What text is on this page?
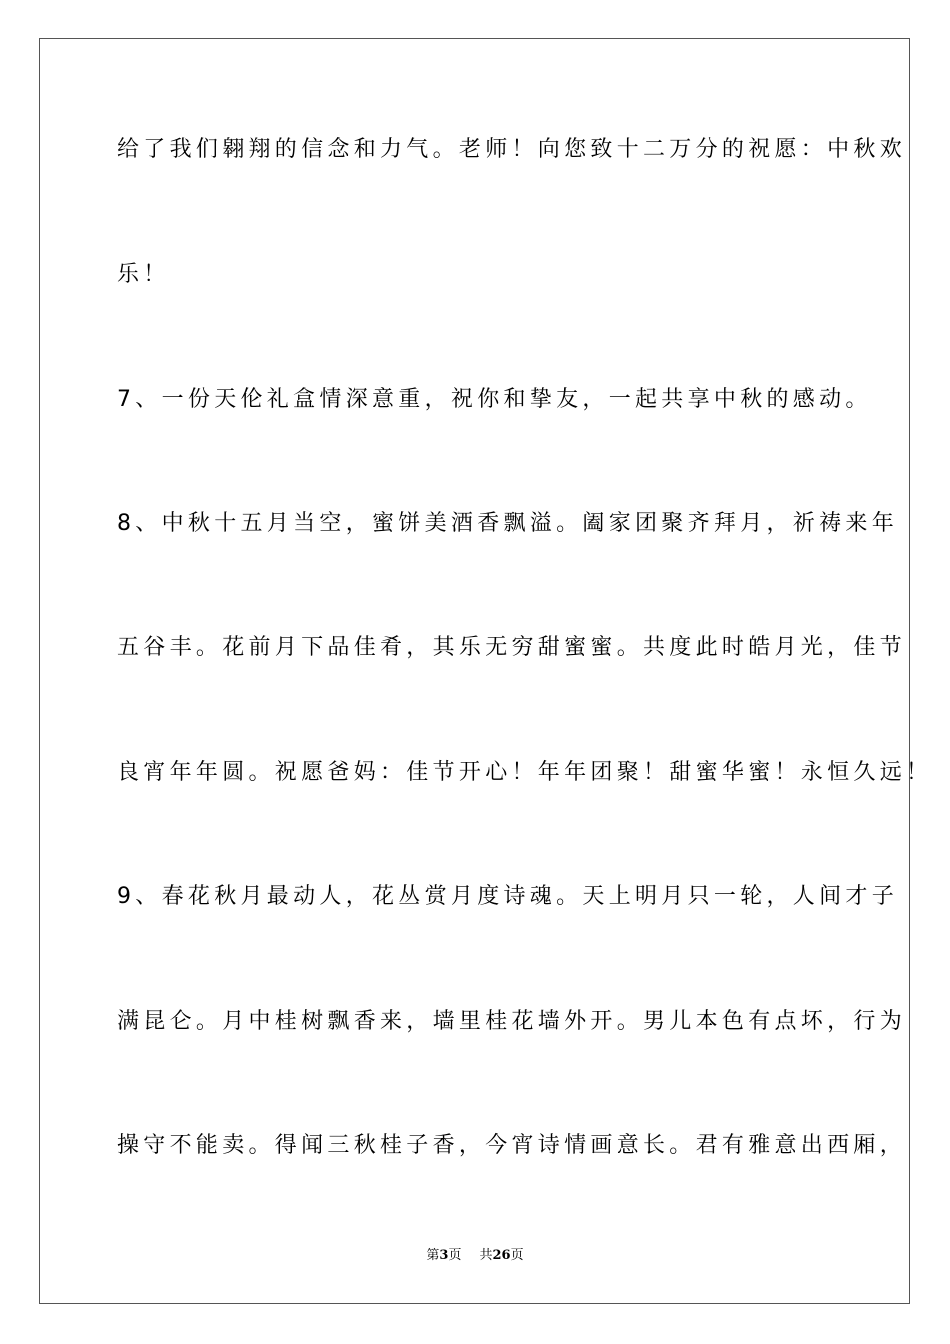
给了我们翱翔的信念和力气。老师！向您致十二万分的祝愿：中秋欢
乐！
7、一份天伦礼盒情深意重，祝你和挚友，一起共享中秋的感动。
8、中秋十五月当空，蜜饼美酒香飘溢。阖家团聚齐拜月，祈祷来年
五谷丰。花前月下品佳肴，其乐无穷甜蜜蜜。共度此时皓月光，佳节
良宵年年圆。祝愿爸妈：佳节开心！年年团聚！甜蜜华蜜！永恒久远！
9、春花秋月最动人，花丛赏月度诗魂。天上明月只一轮，人间才子
满昆仑。月中桂树飘香来，墙里桂花墙外开。男儿本色有点坏，行为
操守不能卖。得闻三秋桂子香，今宵诗情画意长。君有雅意出西厢，
第3页 共26页
